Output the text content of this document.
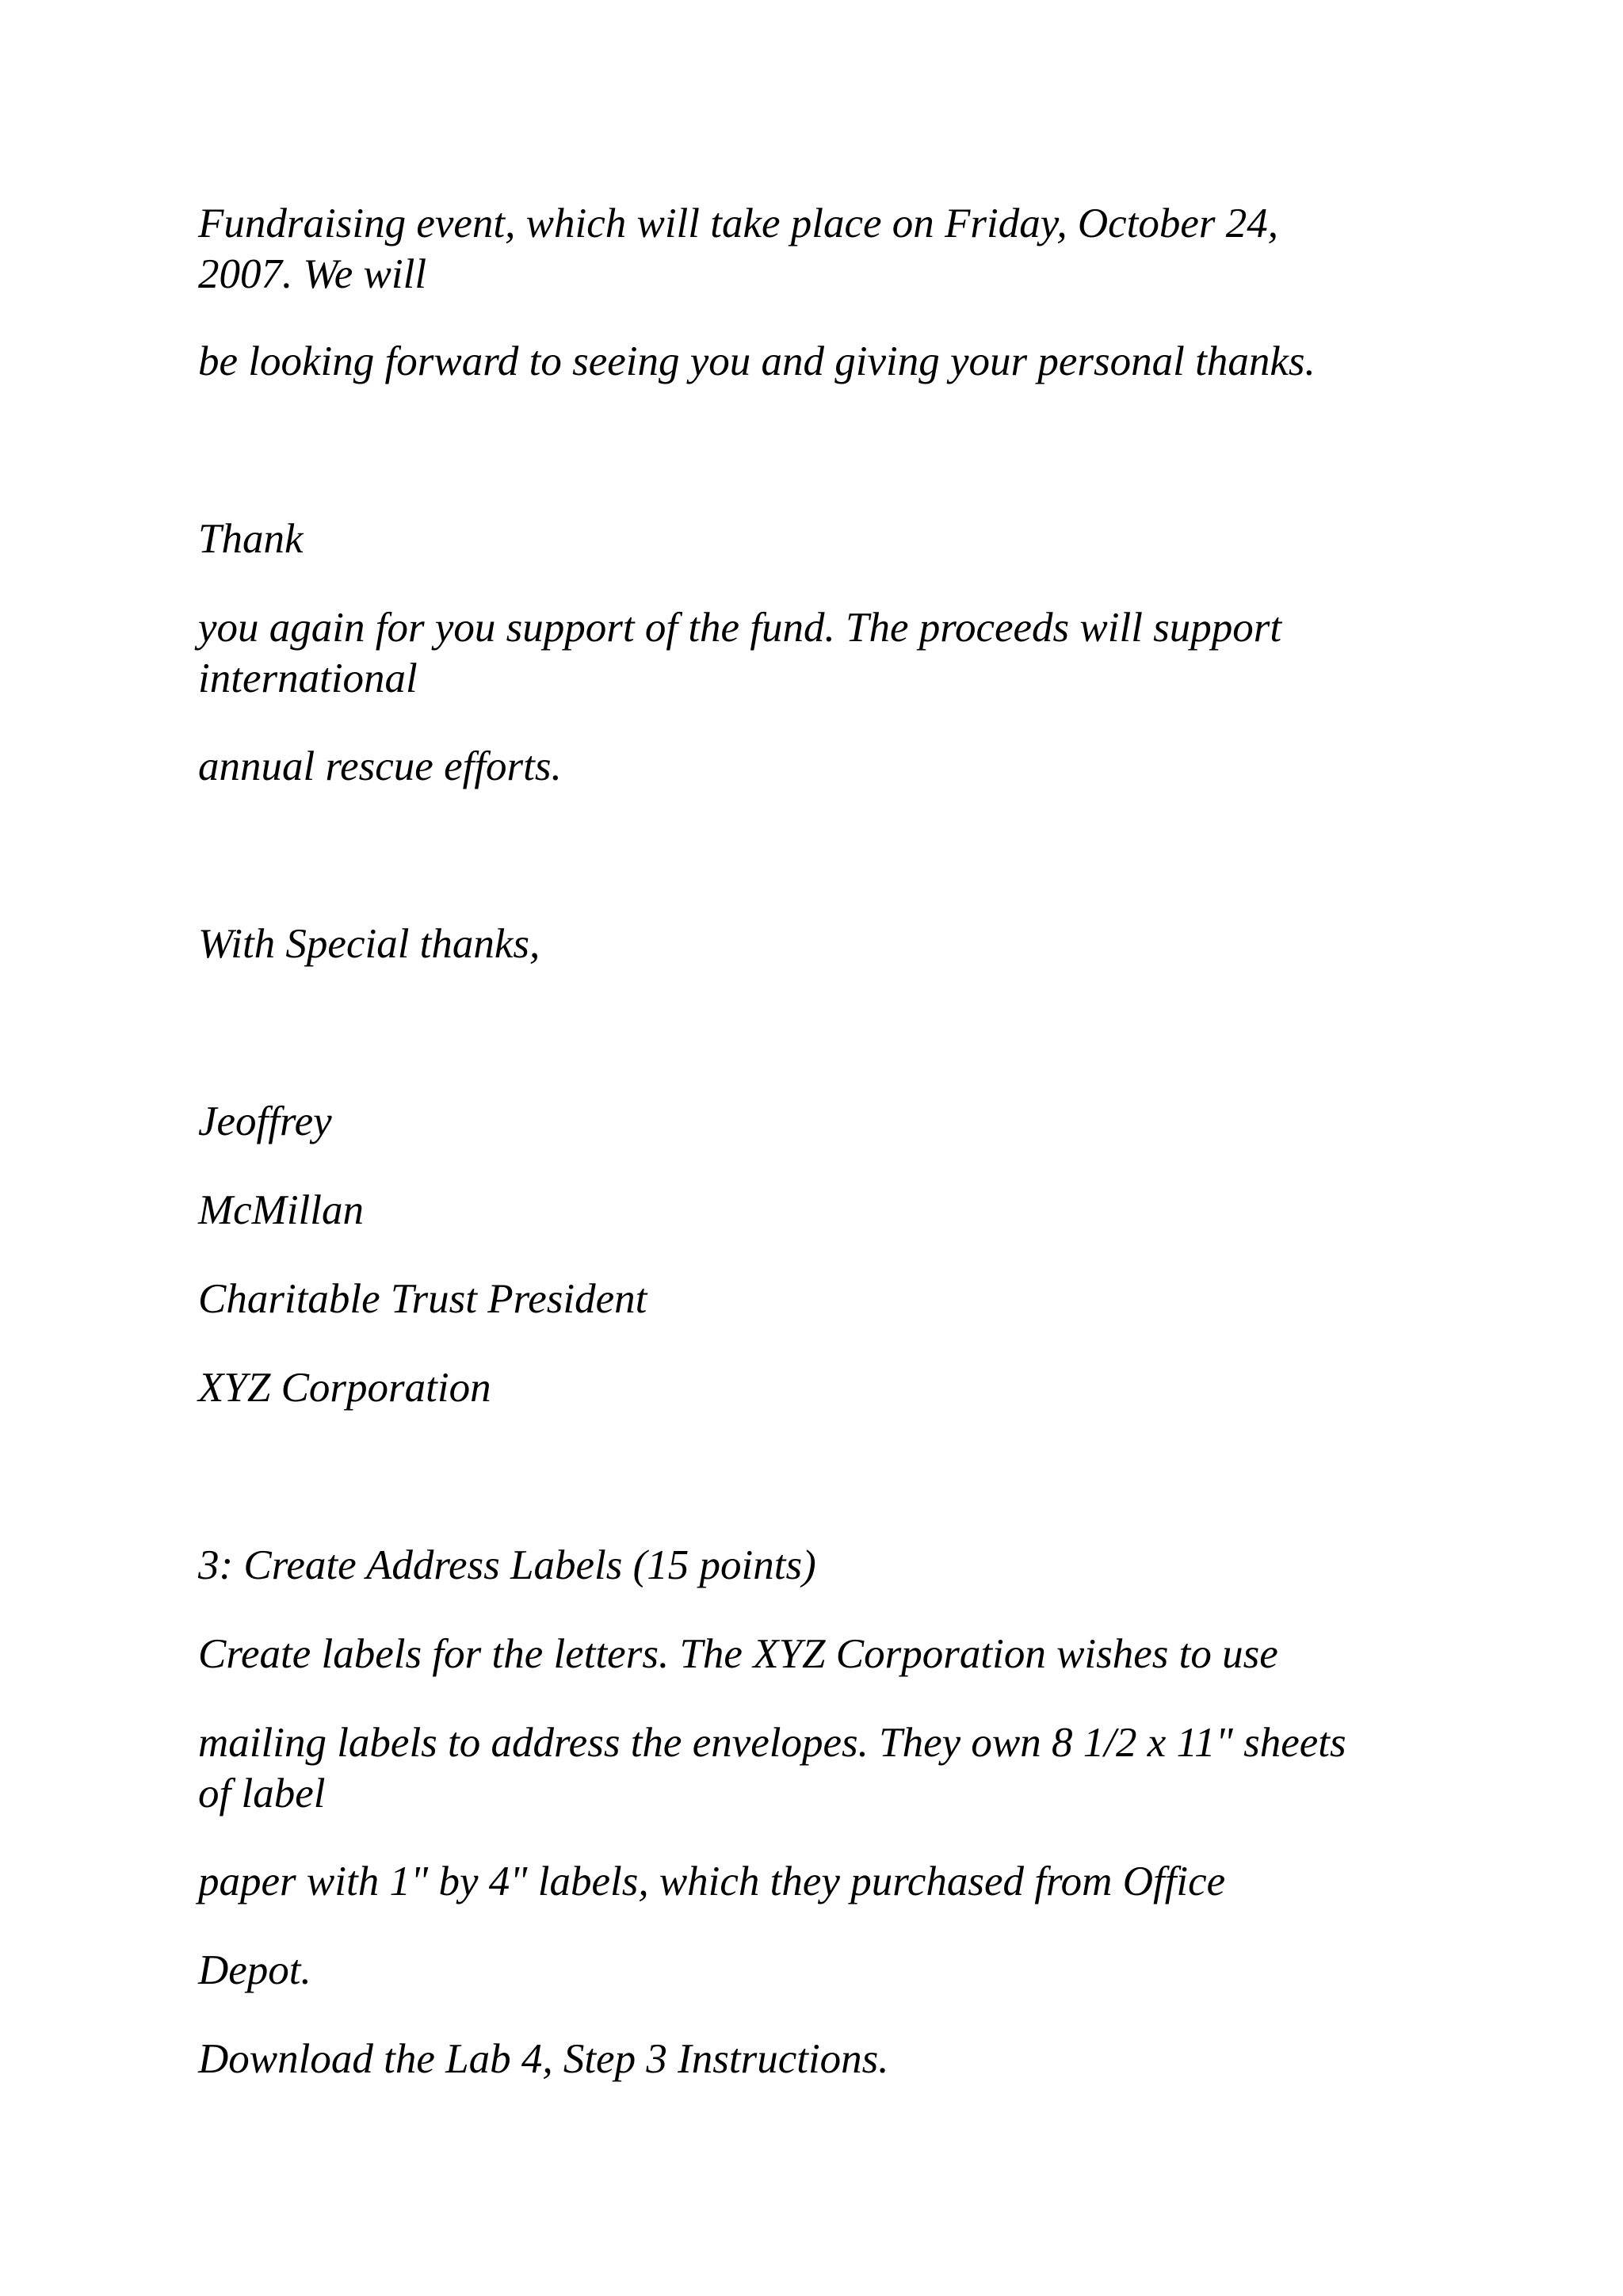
Fundraising event, which will take place on Friday, October 24,
2007. We will

be looking forward to seeing you and giving your personal thanks.

Thank

you again for you support of the fund. The proceeds will support
international

annual rescue efforts.

With Special thanks,

Jeoffrey

McMillan

Charitable Trust President

XYZ Corporation

3: Create Address Labels (15 points)

Create labels for the letters. The XYZ Corporation wishes to use

mailing labels to address the envelopes. They own 8 1/2 x 11" sheets
of label

paper with 1" by 4" labels, which they purchased from Office

Depot.

Download the Lab 4, Step 3 Instructions.
